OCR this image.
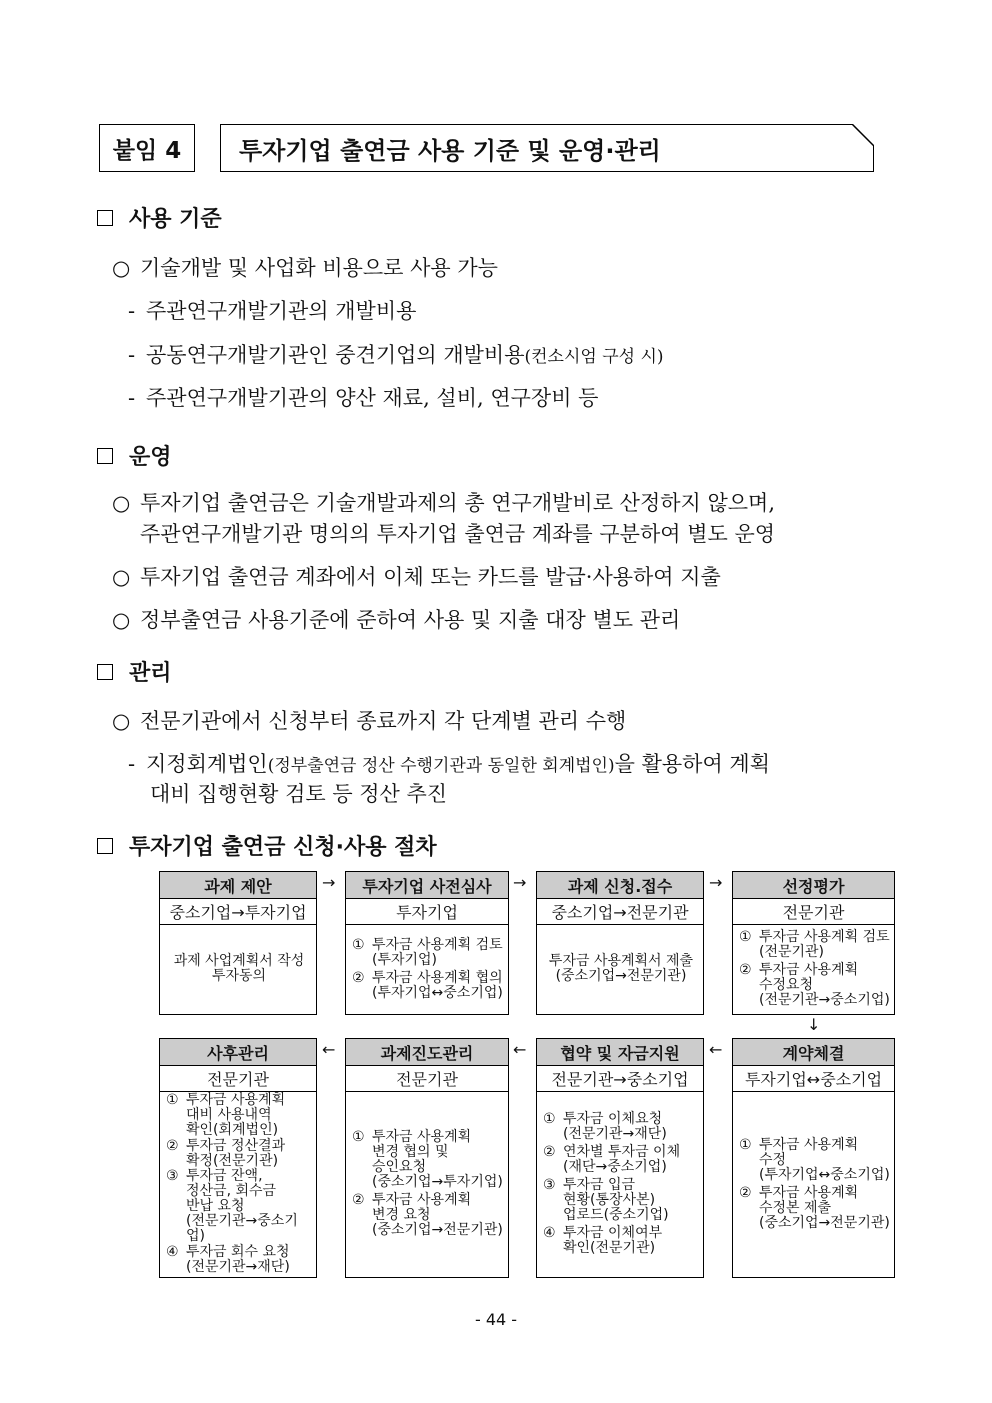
붙임 4	투자기업 출연금 사용 기준 및 운영·관리
사용 기준
○ 기술개발 및 사업화 비용으로 사용 가능
- 주관연구개발기관의 개발비용
- 공동연구개발기관인 중견기업의 개발비용(컨소시엄 구성 시)
- 주관연구개발기관의 양산 재료, 설비, 연구장비 등
운영
○ 투자기업 출연금은 기술개발과제의 총 연구개발비로 산정하지 않으며,
주관연구개발기관 명의의 투자기업 출연금 계좌를 구분하여 별도 운영
○ 투자기업 출연금 계좌에서 이체 또는 카드를 발급·사용하여 지출
○ 정부출연금 사용기준에 준하여 사용 및 지출 대장 별도 관리
관리
○ 전문기관에서 신청부터 종료까지 각 단계별 관리 수행
- 지정회계법인(정부출연금 정산 수행기관과 동일한 회계법인)을 활용하여 계획
대비 집행현황 검토 등 정산 추진
투자기업 출연금 신청·사용 절차
과제 제안
중소기업→투자기업
과제 사업계획서 작성
투자동의
투자기업 사전심사
투자기업
① 투자금 사용계획 검토
(투자기업)
② 투자금 사용계획 협의
(투자기업↔중소기업)
과제 신청.접수
중소기업→전문기관
투자금 사용계획서 제출
(중소기업→전문기관)
선정평가
전문기관
① 투자금 사용계획 검토
(전문기관)
② 투자금 사용계획
수정요청
(전문기관→중소기업)
계약체결
투자기업↔중소기업
① 투자금 사용계획
수정
(투자기업↔중소기업)
② 투자금 사용계획
수정본 제출
(중소기업→전문기관)
협약 및 자금지원
전문기관→중소기업
① 투자금 이체요청
(전문기관→재단)
② 연차별 투자금 이체
(재단→중소기업)
③ 투자금 입금
현황(통장사본)
업로드(중소기업)
④ 투자금 이체여부
확인(전문기관)
과제진도관리
전문기관
① 투자금 사용계획
변경 협의 및
승인요청
(중소기업→투자기업)
② 투자금 사용계획
변경 요청
(중소기업→전문기관)
사후관리
전문기관
① 투자금 사용계획
대비 사용내역
확인(회계법인)
② 투자금 정산결과
확정(전문기관)
③ 투자금 잔액,
정산금, 회수금
반납 요청
(전문기관→중소기업)
④ 투자금 회수 요청
(전문기관→재단)
→	→	→
↓
←
←
←
- 44 -
